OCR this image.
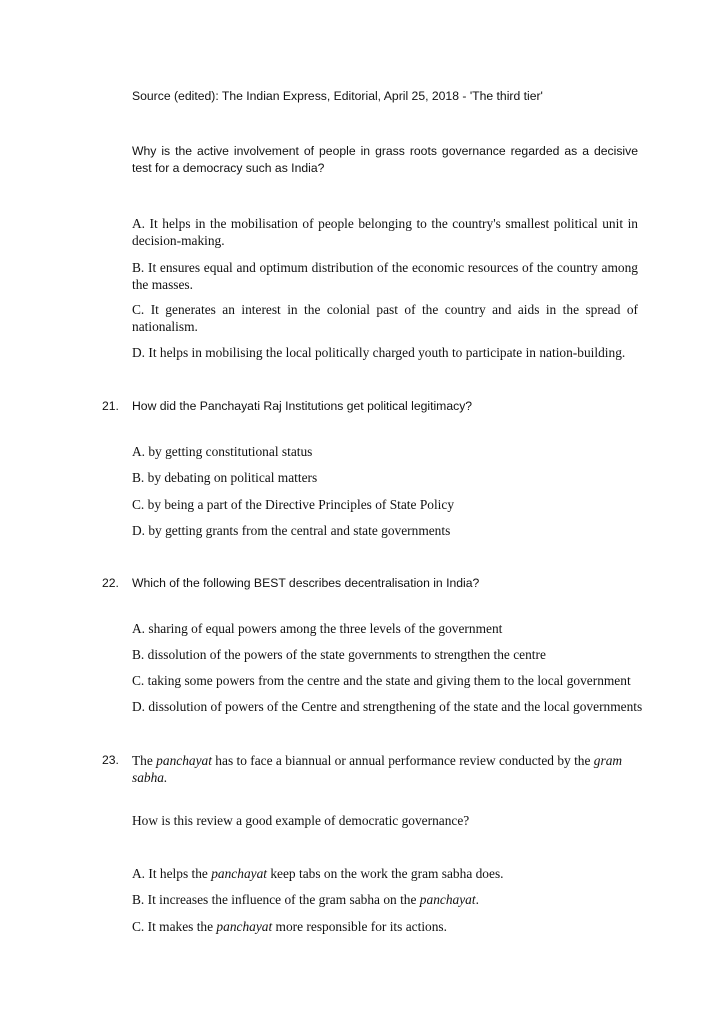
Source (edited): The Indian Express, Editorial, April 25, 2018 - 'The third tier'
Why is the active involvement of people in grass roots governance regarded as a decisive test for a democracy such as India?
A. It helps in the mobilisation of people belonging to the country's smallest political unit in decision-making.
B. It ensures equal and optimum distribution of the economic resources of the country among the masses.
C. It generates an interest in the colonial past of the country and aids in the spread of nationalism.
D. It helps in mobilising the local politically charged youth to participate in nation-building.
21.	How did the Panchayati Raj Institutions get political legitimacy?
A. by getting constitutional status
B. by debating on political matters
C. by being a part of the Directive Principles of State Policy
D. by getting grants from the central and state governments
22.	Which of the following BEST describes decentralisation in India?
A. sharing of equal powers among the three levels of the government
B. dissolution of the powers of the state governments to strengthen the centre
C. taking some powers from the centre and the state and giving them to the local government
D. dissolution of powers of the Centre and strengthening of the state and the local governments
23. The panchayat has to face a biannual or annual performance review conducted by the gram sabha.
How is this review a good example of democratic governance?
A. It helps the panchayat keep tabs on the work the gram sabha does.
B. It increases the influence of the gram sabha on the panchayat.
C. It makes the panchayat more responsible for its actions.
